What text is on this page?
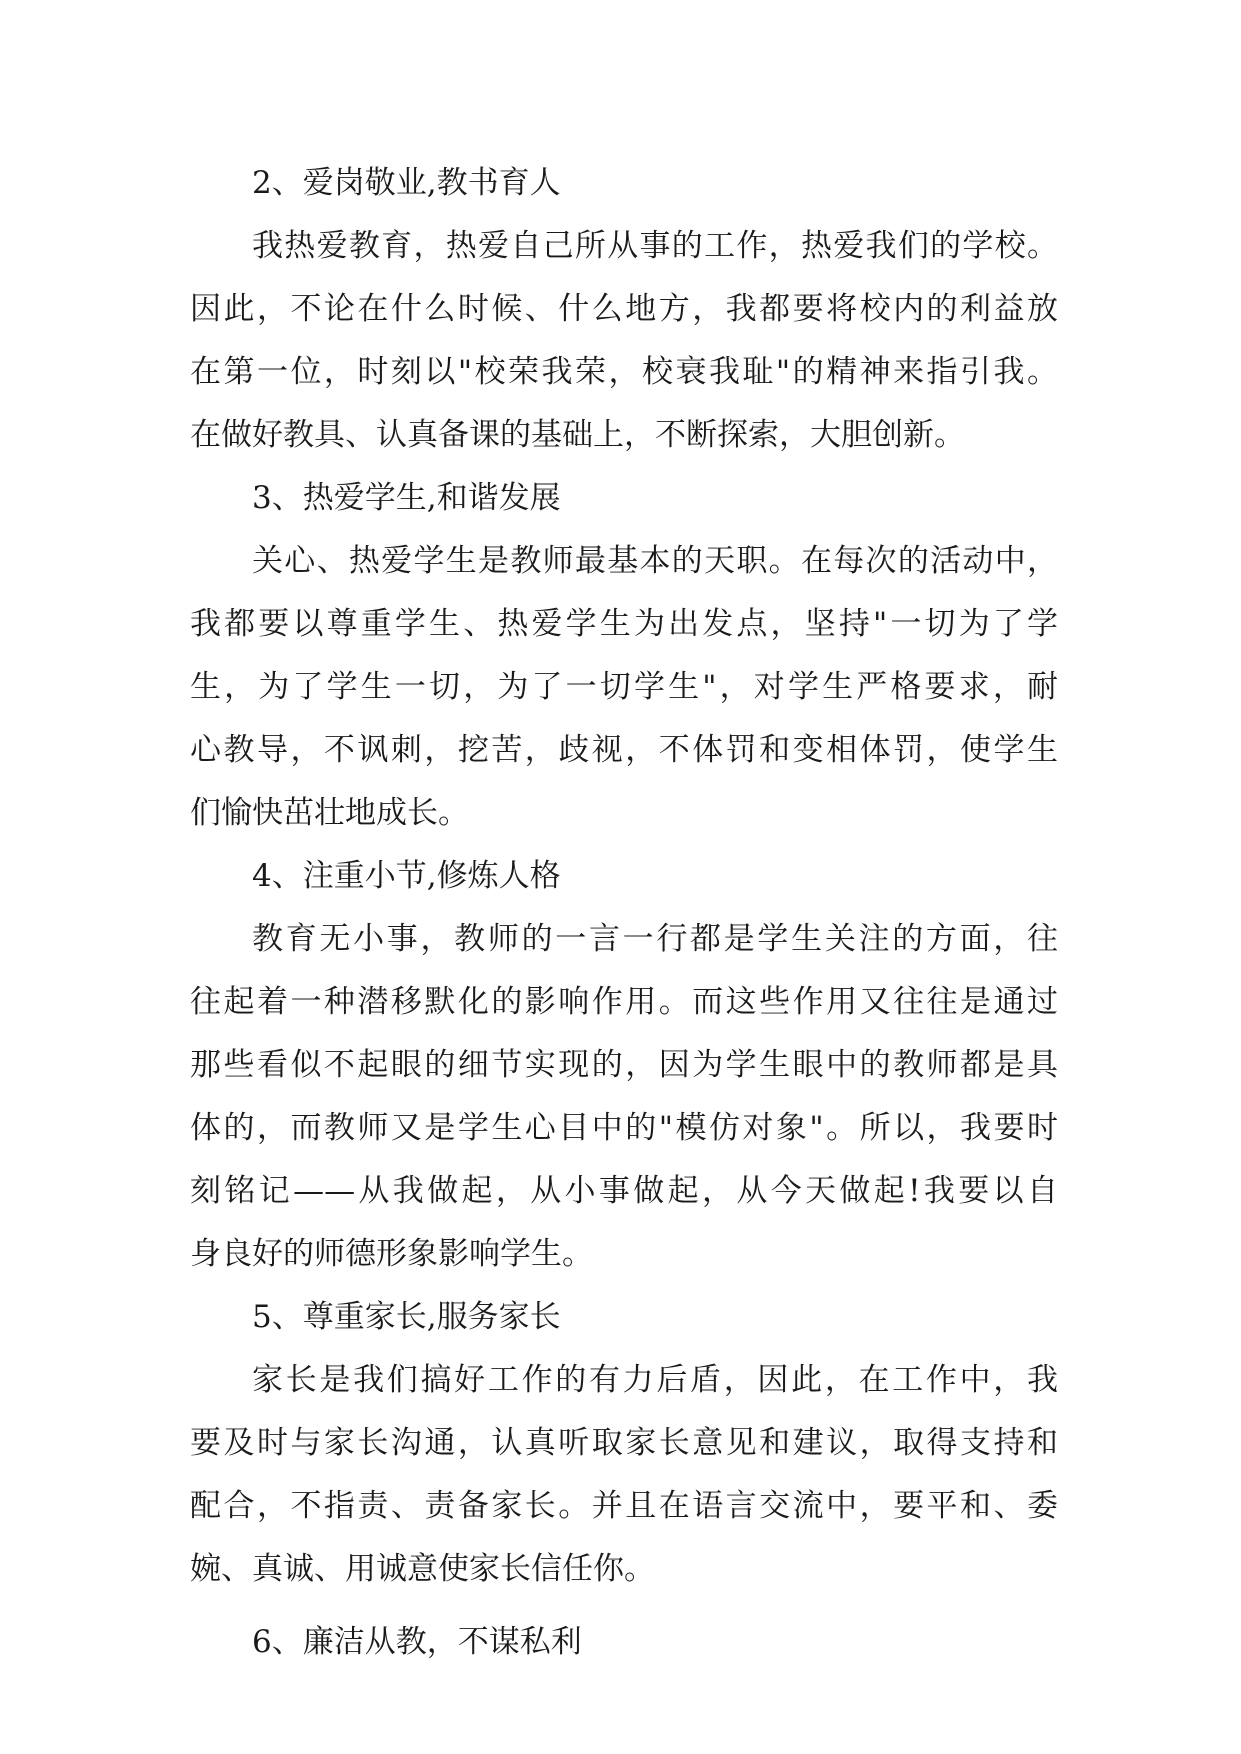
2、爱岗敬业,教书育人
我热爱教育，热爱自己所从事的工作，热爱我们的学校。
因此，不论在什么时候、什么地方，我都要将校内的利益放
在第一位，时刻以"校荣我荣，校衰我耻"的精神来指引我。
在做好教具、认真备课的基础上，不断探索，大胆创新。
3、热爱学生,和谐发展
关心、热爱学生是教师最基本的天职。在每次的活动中，
我都要以尊重学生、热爱学生为出发点，坚持"一切为了学
生，为了学生一切，为了一切学生"，对学生严格要求，耐
心教导，不讽刺，挖苦，歧视，不体罚和变相体罚，使学生
们愉快茁壮地成长。
4、注重小节,修炼人格
教育无小事，教师的一言一行都是学生关注的方面，往
往起着一种潜移默化的影响作用。而这些作用又往往是通过
那些看似不起眼的细节实现的，因为学生眼中的教师都是具
体的，而教师又是学生心目中的"模仿对象"。所以，我要时
刻铭记——从我做起，从小事做起，从今天做起!我要以自
身良好的师德形象影响学生。
5、尊重家长,服务家长
家长是我们搞好工作的有力后盾，因此，在工作中，我
要及时与家长沟通，认真听取家长意见和建议，取得支持和
配合，不指责、责备家长。并且在语言交流中，要平和、委
婉、真诚、用诚意使家长信任你。
6、廉洁从教，不谋私利
